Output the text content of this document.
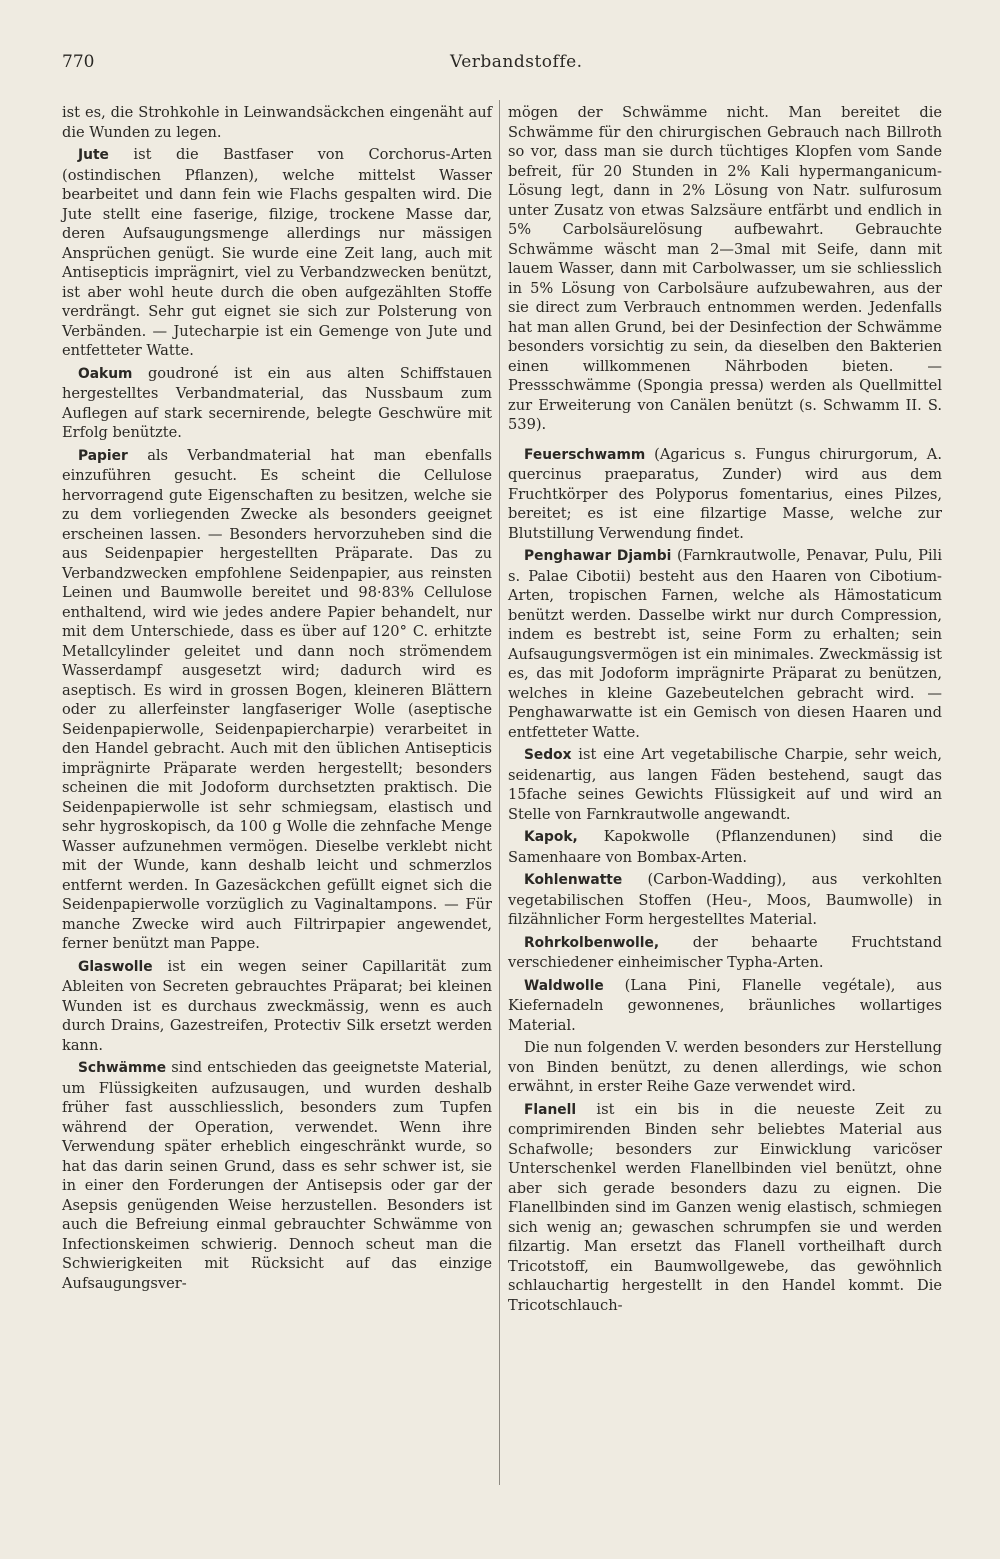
770	Verbandstoffe.

ist es, die Strohkohle in Leinwandsäckchen eingenäht auf die Wunden zu legen.

Jute ist die Bastfaser von Corchorus-Arten (ostindischen Pflanzen), welche mittelst Wasser bearbeitet und dann fein wie Flachs gespalten wird. Die Jute stellt eine faserige, filzige, trockene Masse dar, deren Aufsaugungsmenge allerdings nur mässigen Ansprüchen genügt. Sie wurde eine Zeit lang, auch mit Antisepticis imprägnirt, viel zu Verbandzwecken benützt, ist aber wohl heute durch die oben aufgezählten Stoffe verdrängt. Sehr gut eignet sie sich zur Polsterung von Verbänden. — Jutecharpie ist ein Gemenge von Jute und entfetteter Watte.

Oakum goudroné ist ein aus alten Schiffstauen hergestelltes Verbandmaterial, das Nussbaum zum Auflegen auf stark secernirende, belegte Geschwüre mit Erfolg benützte.

Papier als Verbandmaterial hat man ebenfalls einzuführen gesucht. Es scheint die Cellulose hervorragend gute Eigenschaften zu besitzen, welche sie zu dem vorliegenden Zwecke als besonders geeignet erscheinen lassen. — Besonders hervorzuheben sind die aus Seidenpapier hergestellten Präparate. Das zu Verbandzwecken empfohlene Seidenpapier, aus reinsten Leinen und Baumwolle bereitet und 98·83% Cellulose enthaltend, wird wie jedes andere Papier behandelt, nur mit dem Unterschiede, dass es über auf 120° C. erhitzte Metallcylinder geleitet und dann noch strömendem Wasserdampf ausgesetzt wird; dadurch wird es aseptisch. Es wird in grossen Bogen, kleineren Blättern oder zu allerfeinster langfaseriger Wolle (aseptische Seidenpapierwolle, Seidenpapiercharpie) verarbeitet in den Handel gebracht. Auch mit den üblichen Antisepticis imprägnirte Präparate werden hergestellt; besonders scheinen die mit Jodoform durchsetzten praktisch. Die Seidenpapierwolle ist sehr schmiegsam, elastisch und sehr hygroskopisch, da 100 g Wolle die zehnfache Menge Wasser aufzunehmen vermögen. Dieselbe verklebt nicht mit der Wunde, kann deshalb leicht und schmerzlos entfernt werden. In Gazesäckchen gefüllt eignet sich die Seidenpapierwolle vorzüglich zu Vaginaltampons. — Für manche Zwecke wird auch Filtrirpapier angewendet, ferner benützt man Pappe.

Glaswolle ist ein wegen seiner Capillarität zum Ableiten von Secreten gebrauchtes Präparat; bei kleinen Wunden ist es durchaus zweckmässig, wenn es auch durch Drains, Gazestreifen, Protectiv Silk ersetzt werden kann.

Schwämme sind entschieden das geeignetste Material, um Flüssigkeiten aufzusaugen, und wurden deshalb früher fast ausschliesslich, besonders zum Tupfen während der Operation, verwendet. Wenn ihre Verwendung später erheblich eingeschränkt wurde, so hat das darin seinen Grund, dass es sehr schwer ist, sie in einer den Forderungen der Antisepsis oder gar der Asepsis genügenden Weise herzustellen. Besonders ist auch die Befreiung einmal gebrauchter Schwämme von Infectionskeimen schwierig. Dennoch scheut man die Schwierigkeiten mit Rücksicht auf das einzige Aufsaugungsver-

mögen der Schwämme nicht. Man bereitet die Schwämme für den chirurgischen Gebrauch nach Billroth so vor, dass man sie durch tüchtiges Klopfen vom Sande befreit, für 20 Stunden in 2% Kali hypermanganicum-Lösung legt, dann in 2% Lösung von Natr. sulfurosum unter Zusatz von etwas Salzsäure entfärbt und endlich in 5% Carbolsäurelösung aufbewahrt. Gebrauchte Schwämme wäscht man 2—3mal mit Seife, dann mit lauem Wasser, dann mit Carbolwasser, um sie schliesslich in 5% Lösung von Carbolsäure aufzubewahren, aus der sie direct zum Verbrauch entnommen werden. Jedenfalls hat man allen Grund, bei der Desinfection der Schwämme besonders vorsichtig zu sein, da dieselben den Bakterien einen willkommenen Nährboden bieten. — Pressschwämme (Spongia pressa) werden als Quellmittel zur Erweiterung von Canälen benützt (s. Schwamm II. S. 539).

Feuerschwamm (Agaricus s. Fungus chirurgorum, A. quercinus praeparatus, Zunder) wird aus dem Fruchtkörper des Polyporus fomentarius, eines Pilzes, bereitet; es ist eine filzartige Masse, welche zur Blutstillung Verwendung findet.

Penghawar Djambi (Farnkrautwolle, Penavar, Pulu, Pili s. Palae Cibotii) besteht aus den Haaren von Cibotium-Arten, tropischen Farnen, welche als Hämostaticum benützt werden. Dasselbe wirkt nur durch Compression, indem es bestrebt ist, seine Form zu erhalten; sein Aufsaugungsvermögen ist ein minimales. Zweckmässig ist es, das mit Jodoform imprägnirte Präparat zu benützen, welches in kleine Gazebeutelchen gebracht wird. — Penghawarwatte ist ein Gemisch von diesen Haaren und entfetteter Watte.

Sedox ist eine Art vegetabilische Charpie, sehr weich, seidenartig, aus langen Fäden bestehend, saugt das 15fache seines Gewichts Flüssigkeit auf und wird an Stelle von Farnkrautwolle angewandt.

Kapok, Kapokwolle (Pflanzendunen) sind die Samenhaare von Bombax-Arten.

Kohlenwatte (Carbon-Wadding), aus verkohlten vegetabilischen Stoffen (Heu-, Moos, Baumwolle) in filzähnlicher Form hergestelltes Material.

Rohrkolbenwolle, der behaarte Fruchtstand verschiedener einheimischer Typha-Arten.

Waldwolle (Lana Pini, Flanelle vegétale), aus Kiefernadeln gewonnenes, bräunliches wollartiges Material.

Die nun folgenden V. werden besonders zur Herstellung von Binden benützt, zu denen allerdings, wie schon erwähnt, in erster Reihe Gaze verwendet wird.

Flanell ist ein bis in die neueste Zeit zu comprimirenden Binden sehr beliebtes Material aus Schafwolle; besonders zur Einwicklung varicöser Unterschenkel werden Flanellbinden viel benützt, ohne aber sich gerade besonders dazu zu eignen. Die Flanellbinden sind im Ganzen wenig elastisch, schmiegen sich wenig an; gewaschen schrumpfen sie und werden filzartig. Man ersetzt das Flanell vortheilhaft durch Tricotstoff, ein Baumwollgewebe, das gewöhnlich schlauchartig hergestellt in den Handel kommt. Die Tricotschlauch-
